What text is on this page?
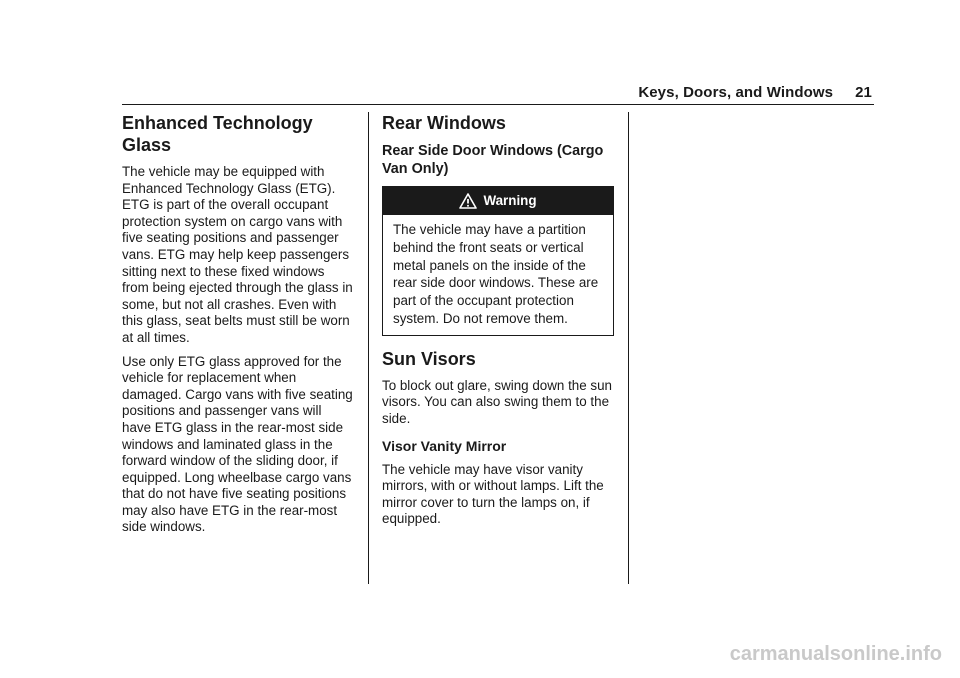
Keys, Doors, and Windows 21
Enhanced Technology Glass

The vehicle may be equipped with Enhanced Technology Glass (ETG). ETG is part of the overall occupant protection system on cargo vans with five seating positions and passenger vans. ETG may help keep passengers sitting next to these fixed windows from being ejected through the glass in some, but not all crashes. Even with this glass, seat belts must still be worn at all times.

Use only ETG glass approved for the vehicle for replacement when damaged. Cargo vans with five seating positions and passenger vans will have ETG glass in the rear-most side windows and laminated glass in the forward window of the sliding door, if equipped. Long wheelbase cargo vans that do not have five seating positions may also have ETG in the rear-most side windows.

Rear Windows
Rear Side Door Windows (Cargo Van Only)
Warning
The vehicle may have a partition behind the front seats or vertical metal panels on the inside of the rear side door windows. These are part of the occupant protection system. Do not remove them.
Sun Visors

To block out glare, swing down the sun visors. You can also swing them to the side.

Visor Vanity Mirror

The vehicle may have visor vanity mirrors, with or without lamps. Lift the mirror cover to turn the lamps on, if equipped.

carmanualsonline.info
